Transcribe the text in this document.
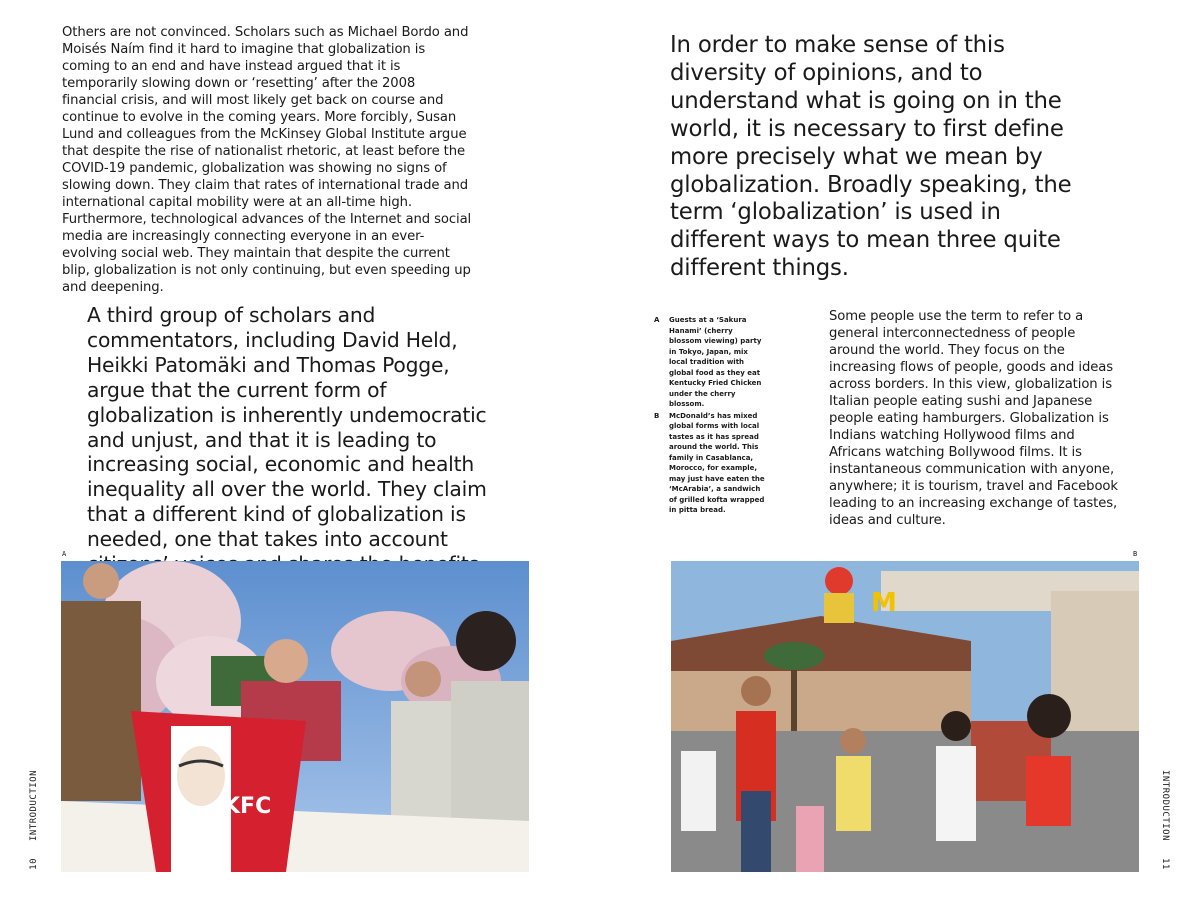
Others are not convinced. Scholars such as Michael Bordo and Moisés Naím find it hard to imagine that globalization is coming to an end and have instead argued that it is temporarily slowing down or ‘resetting’ after the 2008 financial crisis, and will most likely get back on course and continue to evolve in the coming years. More forcibly, Susan Lund and colleagues from the McKinsey Global Institute argue that despite the rise of nationalist rhetoric, at least before the COVID-19 pandemic, globalization was showing no signs of slowing down. They claim that rates of international trade and international capital mobility were at an all-time high. Furthermore, technological advances of the Internet and social media are increasingly connecting everyone in an ever-evolving social web. They maintain that despite the current blip, globalization is not only continuing, but even speeding up and deepening.
A third group of scholars and commentators, including David Held, Heikki Patomäki and Thomas Pogge, argue that the current form of globalization is inherently undemocratic and unjust, and that it is leading to increasing social, economic and health inequality all over the world. They claim that a different kind of globalization is needed, one that takes into account
A
KFC
INTRODUCTION
10
In order to make sense of this diversity of opinions, and to understand what is going on in the world, it is necessary to first define more precisely what we mean by globalization. Broadly speaking, the term ‘globalization’ is used in different ways to mean three quite different things.
A	Guests at a ‘Sakura Hanami’ (cherry blossom viewing) party in Tokyo, Japan, mix local tradition with global food as they eat Kentucky Fried Chicken under the cherry blossom.
B	McDonald’s has mixed global forms with local tastes as it has spread around the world. This family in Casablanca, Morocco, for example, may just have eaten the ‘McArabia’, a sandwich of grilled kofta wrapped in pitta bread.
Some people use the term to refer to a general interconnectedness of people around the world. They focus on the increasing flows of people, goods and ideas across borders. In this view, globalization is Italian people eating sushi and Japanese people eating hamburgers. Globalization is Indians watching Hollywood films and Africans watching Bollywood films. It is instantaneous communication with anyone, anywhere; it is tourism, travel and Facebook leading to an increasing exchange of tastes, ideas and culture.
B
M
INTRODUCTION
11
